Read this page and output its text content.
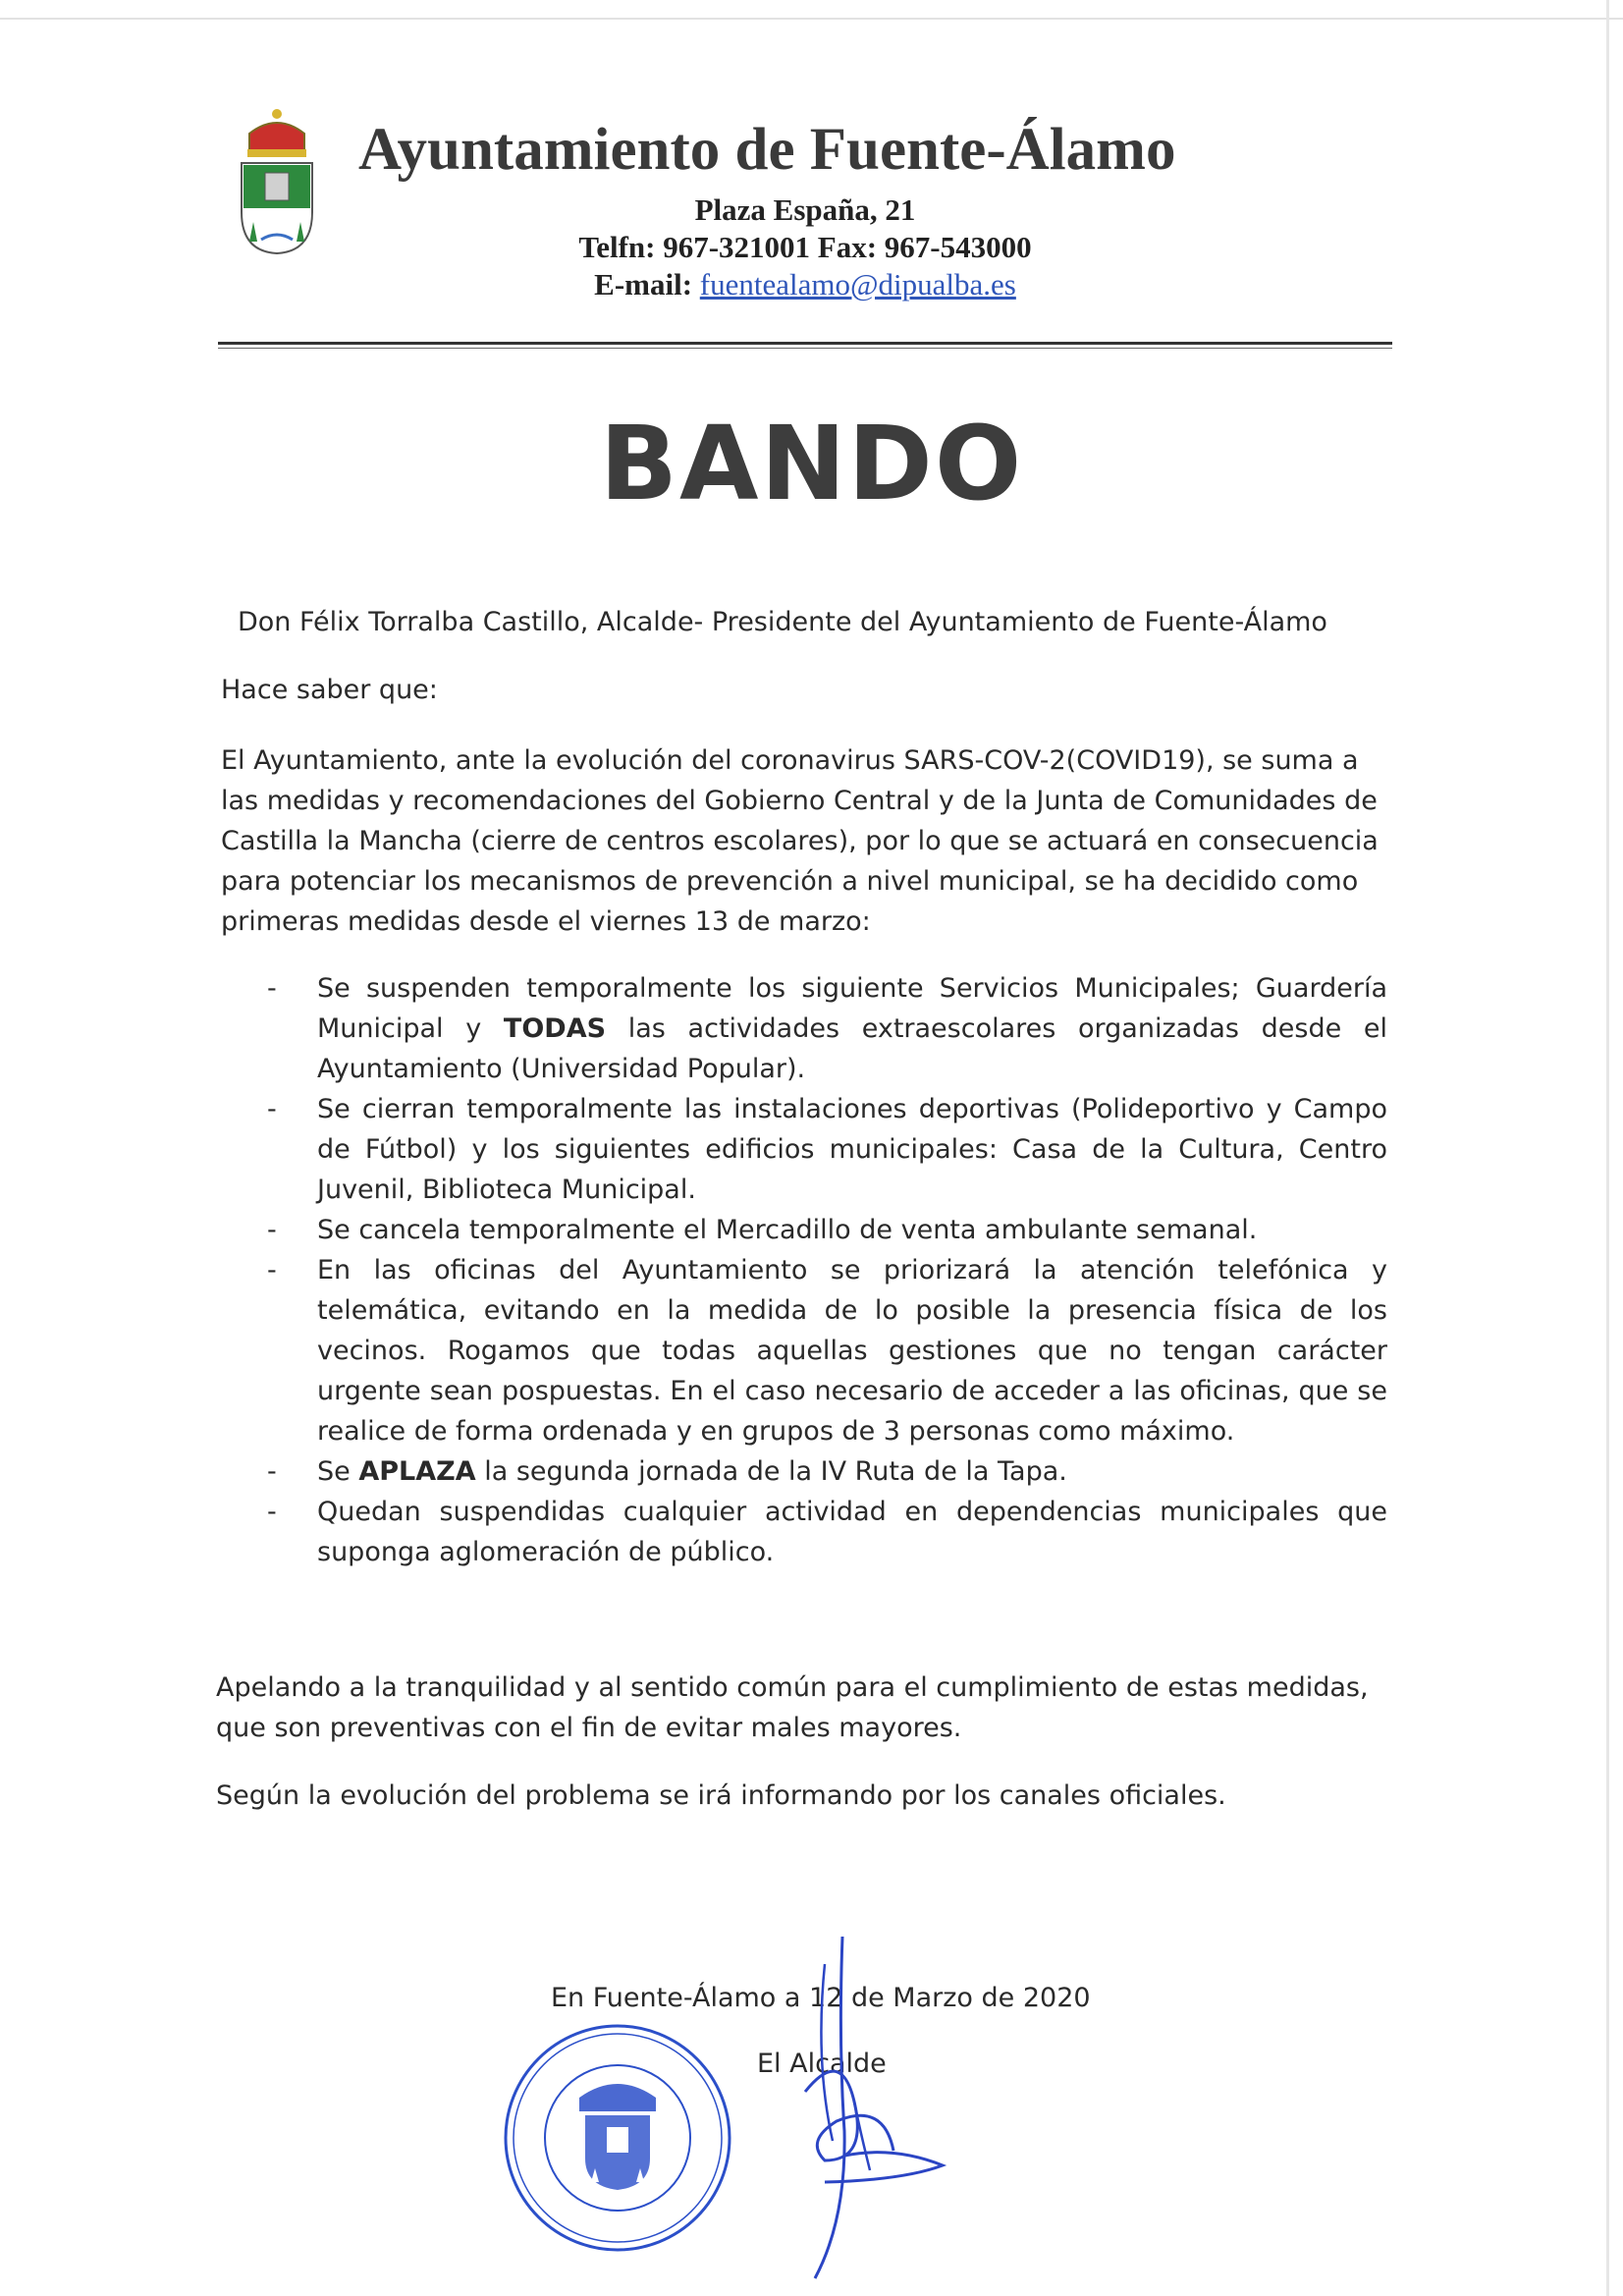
Ayuntamiento de Fuente-Álamo
Plaza España, 21
Telfn: 967-321001 Fax: 967-543000
E-mail: fuentealamo@dipualba.es
BANDO
Don Félix Torralba Castillo, Alcalde- Presidente del Ayuntamiento de Fuente-Álamo
Hace saber que:
El Ayuntamiento, ante la evolución del coronavirus SARS-COV-2(COVID19), se suma a
las medidas y recomendaciones del Gobierno Central y de la Junta de Comunidades de
Castilla la Mancha (cierre de centros escolares), por lo que se actuará en consecuencia
para potenciar los mecanismos de prevención a nivel municipal, se ha decidido como
primeras medidas desde el viernes 13 de marzo:
- Se suspenden temporalmente los siguiente Servicios Municipales; Guardería
Municipal y TODAS las actividades extraescolares organizadas desde el
Ayuntamiento (Universidad Popular).
- Se cierran temporalmente las instalaciones deportivas (Polideportivo y Campo
de Fútbol) y los siguientes edificios municipales: Casa de la Cultura, Centro
Juvenil, Biblioteca Municipal.
- Se cancela temporalmente el Mercadillo de venta ambulante semanal.
- En las oficinas del Ayuntamiento se priorizará la atención telefónica y
telemática, evitando en la medida de lo posible la presencia física de los
vecinos. Rogamos que todas aquellas gestiones que no tengan carácter
urgente sean pospuestas. En el caso necesario de acceder a las oficinas, que se
realice de forma ordenada y en grupos de 3 personas como máximo.
- Se APLAZA la segunda jornada de la IV Ruta de la Tapa.
- Quedan suspendidas cualquier actividad en dependencias municipales que
suponga aglomeración de público.
Apelando a la tranquilidad y al sentido común para el cumplimiento de estas medidas,
que son preventivas con el fin de evitar males mayores.
Según la evolución del problema se irá informando por los canales oficiales.
En Fuente-Álamo a 12 de Marzo de 2020
El Alcalde
